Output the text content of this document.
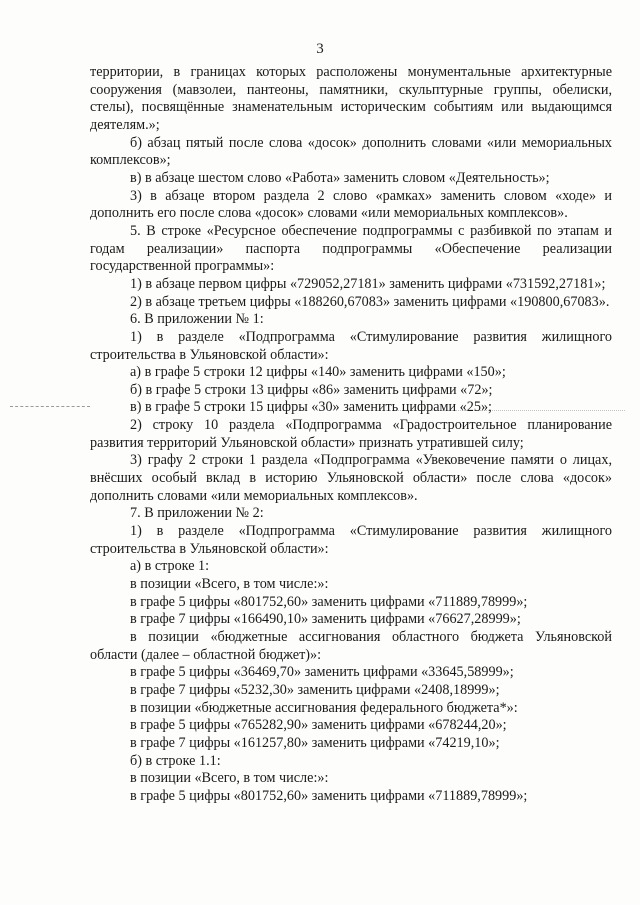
3

территории, в границах которых расположены монументальные архитектурные сооружения (мавзолеи, пантеоны, памятники, скульптурные группы, обелиски, стелы), посвящённые знаменательным историческим событиям или выдающимся деятелям.»;

б) абзац пятый после слова «досок» дополнить словами «или мемориальных комплексов»;

в) в абзаце шестом слово «Работа» заменить словом «Деятельность»;

3) в абзаце втором раздела 2 слово «рамках» заменить словом «ходе» и дополнить его после слова «досок» словами «или мемориальных комплексов».

5. В строке «Ресурсное обеспечение подпрограммы с разбивкой по этапам и годам реализации» паспорта подпрограммы «Обеспечение реализации государственной программы»:

1) в абзаце первом цифры «729052,27181» заменить цифрами «731592,27181»;

2) в абзаце третьем цифры «188260,67083» заменить цифрами «190800,67083».

6. В приложении № 1:

1) в разделе «Подпрограмма «Стимулирование развития жилищного строительства в Ульяновской области»:

а) в графе 5 строки 12 цифры «140» заменить цифрами «150»;

б) в графе 5 строки 13 цифры «86» заменить цифрами «72»;

в) в графе 5 строки 15 цифры «30» заменить цифрами «25»;

2) строку 10 раздела «Подпрограмма «Градостроительное планирование развития территорий Ульяновской области» признать утратившей силу;

3) графу 2 строки 1 раздела «Подпрограмма «Увековечение памяти о лицах, внёсших особый вклад в историю Ульяновской области» после слова «досок» дополнить словами «или мемориальных комплексов».

7. В приложении № 2:

1) в разделе «Подпрограмма «Стимулирование развития жилищного строительства в Ульяновской области»:

а) в строке 1:

в позиции «Всего, в том числе:»:

в графе 5 цифры «801752,60» заменить цифрами «711889,78999»;

в графе 7 цифры «166490,10» заменить цифрами «76627,28999»;

в позиции «бюджетные ассигнования областного бюджета Ульяновской области (далее – областной бюджет)»:

в графе 5 цифры «36469,70» заменить цифрами «33645,58999»;

в графе 7 цифры «5232,30» заменить цифрами «2408,18999»;

в позиции «бюджетные ассигнования федерального бюджета*»:

в графе 5 цифры «765282,90» заменить цифрами «678244,20»;

в графе 7 цифры «161257,80» заменить цифрами «74219,10»;

б) в строке 1.1:

в позиции «Всего, в том числе:»:

в графе 5 цифры «801752,60» заменить цифрами «711889,78999»;
